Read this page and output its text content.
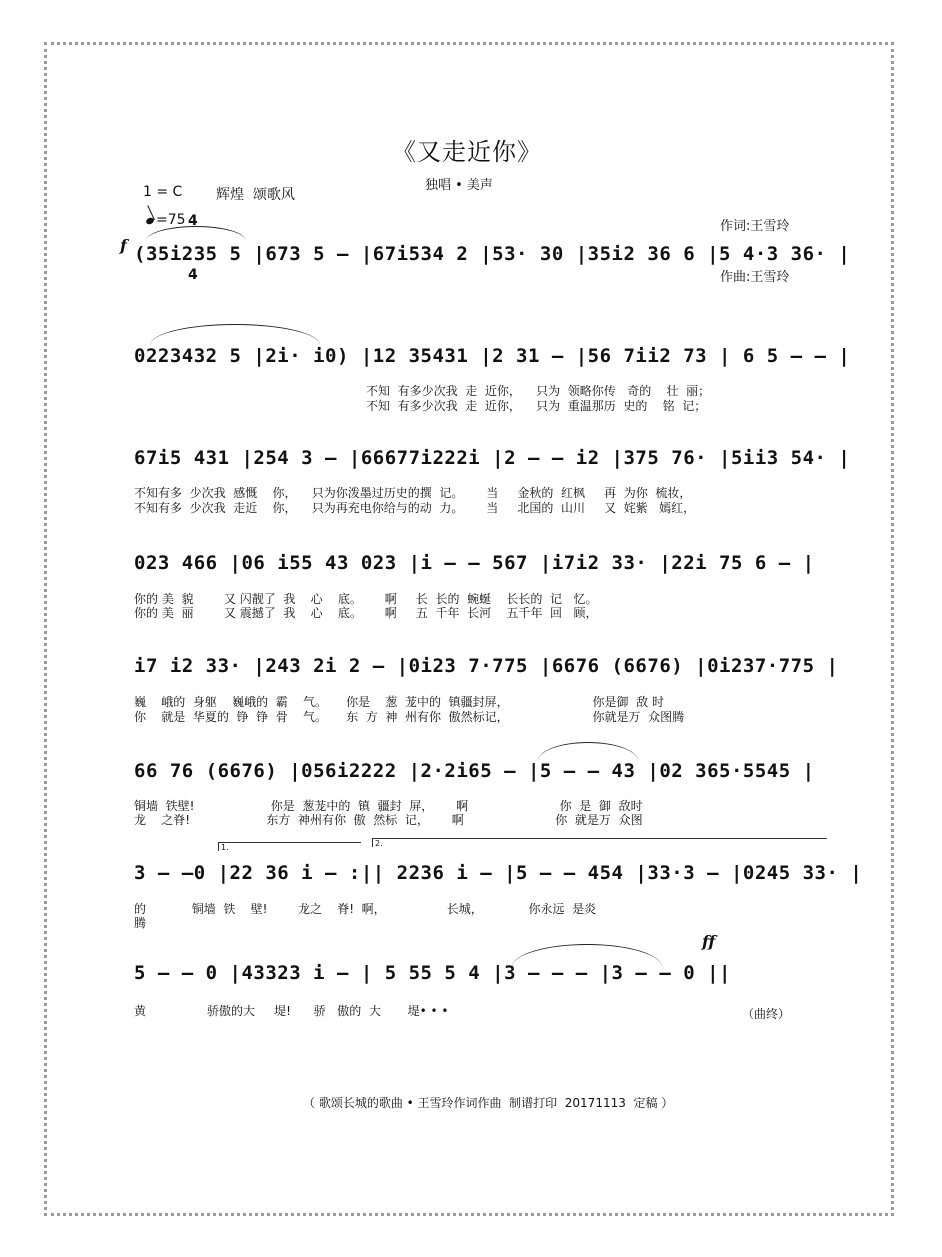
《又走近你》
独唱 • 美声

作词:王雪玲

作曲:王雪玲

1 = C

4

4

辉煌  颂歌风
=75
f (35i235 5 |673 5 – |67i534 2 |53· 30 |35i2 36 6 |5 4·3 36· |
0223432 5 |2i· i0) |12 35431 |2 31 – |56 7ii2 73 | 6 5 – – |
不知  有多少次我  走  近你，    只为  领略你传   奇的    壮  丽；
不知  有多少次我  走  近你，    只为  重温那历  史的    铭  记；
67i5 431 |254 3 – |66677i222i |2 – – i2 |375 76· |5ii3 54· |
不知有多  少次我  感慨    你，    只为你泼墨过历史的撰  记。      当     金秋的  红枫     再  为你  梳妆，
不知有多  少次我  走近    你，    只为再充电你给与的动  力。      当     北国的  山川     又  姹紫   嫣红，
023 466 |06 i55 43 023 |i – – 567 |i7i2 33· |22i 75 6 – |
你的 美  貌        又 闪靓了  我    心    底。      啊     长  长的  蜿蜒    长长的  记   忆。
你的 美  丽        又 震撼了  我    心    底。      啊     五  千年  长河    五千年  回   顾，
i7 i2 33· |243 2i 2 – |0i23 7·775 |6676 (6676) |0i237·775 |
巍    峨的  身躯    巍峨的  霸    气。     你是    葱  茏中的  镇疆封屏，                      你是御  敌 时
你    就是  华夏的  铮  铮  骨    气。     东  方  神  州有你  傲然标记，                      你就是万  众图腾
66 76 (6676) |056i2222 |2·2i65 – |5 – – 43 |02 365·5545 |
铜墙  铁壁!                    你是  葱茏中的  镇  疆封  屏，      啊                        你  是  御  敌时
龙    之脊!                    东方  神州有你  傲  然标  记，      啊                        你  就是万  众图
1.	2.
3 – –0 |22 36 i – :|| 2236 i – |5 – – 454 |33·3 – |0245 33· |
的            铜墙  铁    壁!        龙之    脊!  啊，                长城，            你永远  是炎
腾
ff
5 – – 0 |43323 i – | 5 55 5 4 |3 – – – |3 – – 0 ||
黄                骄傲的大     堤!      骄   傲的  大       堤• • •	（曲终）
（ 歌颂长城的歌曲 • 王雪玲作词作曲  制谱打印  20171113  定稿 ）
